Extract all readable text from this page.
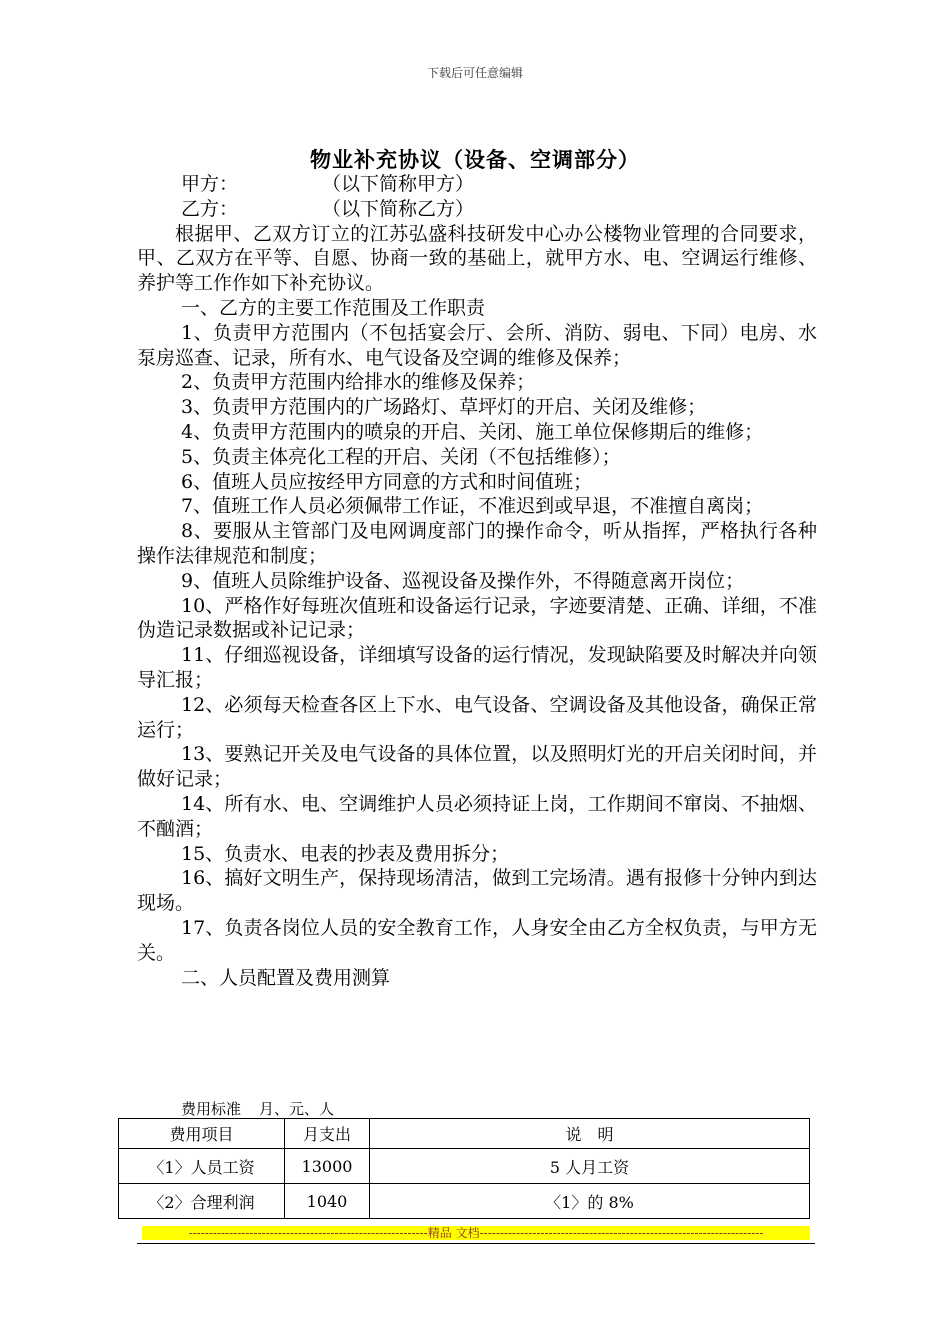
下载后可任意编辑
物业补充协议（设备、空调部分）

甲方：	（以下简称甲方）

乙方：	（以下简称乙方）

根据甲、乙双方订立的江苏弘盛科技研发中心办公楼物业管理的合同要求，甲、乙双方在平等、自愿、协商一致的基础上，就甲方水、电、空调运行维修、养护等工作作如下补充协议。

一、乙方的主要工作范围及工作职责

1、负责甲方范围内（不包括宴会厅、会所、消防、弱电、下同）电房、水泵房巡查、记录，所有水、电气设备及空调的维修及保养；

2、负责甲方范围内给排水的维修及保养；

3、负责甲方范围内的广场路灯、草坪灯的开启、关闭及维修；

4、负责甲方范围内的喷泉的开启、关闭、施工单位保修期后的维修；

5、负责主体亮化工程的开启、关闭（不包括维修）；

6、值班人员应按经甲方同意的方式和时间值班；

7、值班工作人员必须佩带工作证，不准迟到或早退，不准擅自离岗；

8、要服从主管部门及电网调度部门的操作命令，听从指挥，严格执行各种操作法律规范和制度；

9、值班人员除维护设备、巡视设备及操作外，不得随意离开岗位；

10、严格作好每班次值班和设备运行记录，字迹要清楚、正确、详细，不准伪造记录数据或补记记录；

11、仔细巡视设备，详细填写设备的运行情况，发现缺陷要及时解决并向领导汇报；

12、必须每天检查各区上下水、电气设备、空调设备及其他设备，确保正常运行；

13、要熟记开关及电气设备的具体位置，以及照明灯光的开启关闭时间，并做好记录；

14、所有水、电、空调维护人员必须持证上岗，工作期间不窜岗、不抽烟、不酗酒；

15、负责水、电表的抄表及费用拆分；

16、搞好文明生产，保持现场清洁，做到工完场清。遇有报修十分钟内到达现场。

17、负责各岗位人员的安全教育工作，人身安全由乙方全权负责，与甲方无关。

二、人员配置及费用测算

费用标准 月、元、人
费用项目	月支出	说　明
〈1〉人员工资	13000	5 人月工资
〈2〉合理利润	1040	〈1〉的 8%
-----------------------------------------------------------精品 文档----------------------------------------------------------------------
